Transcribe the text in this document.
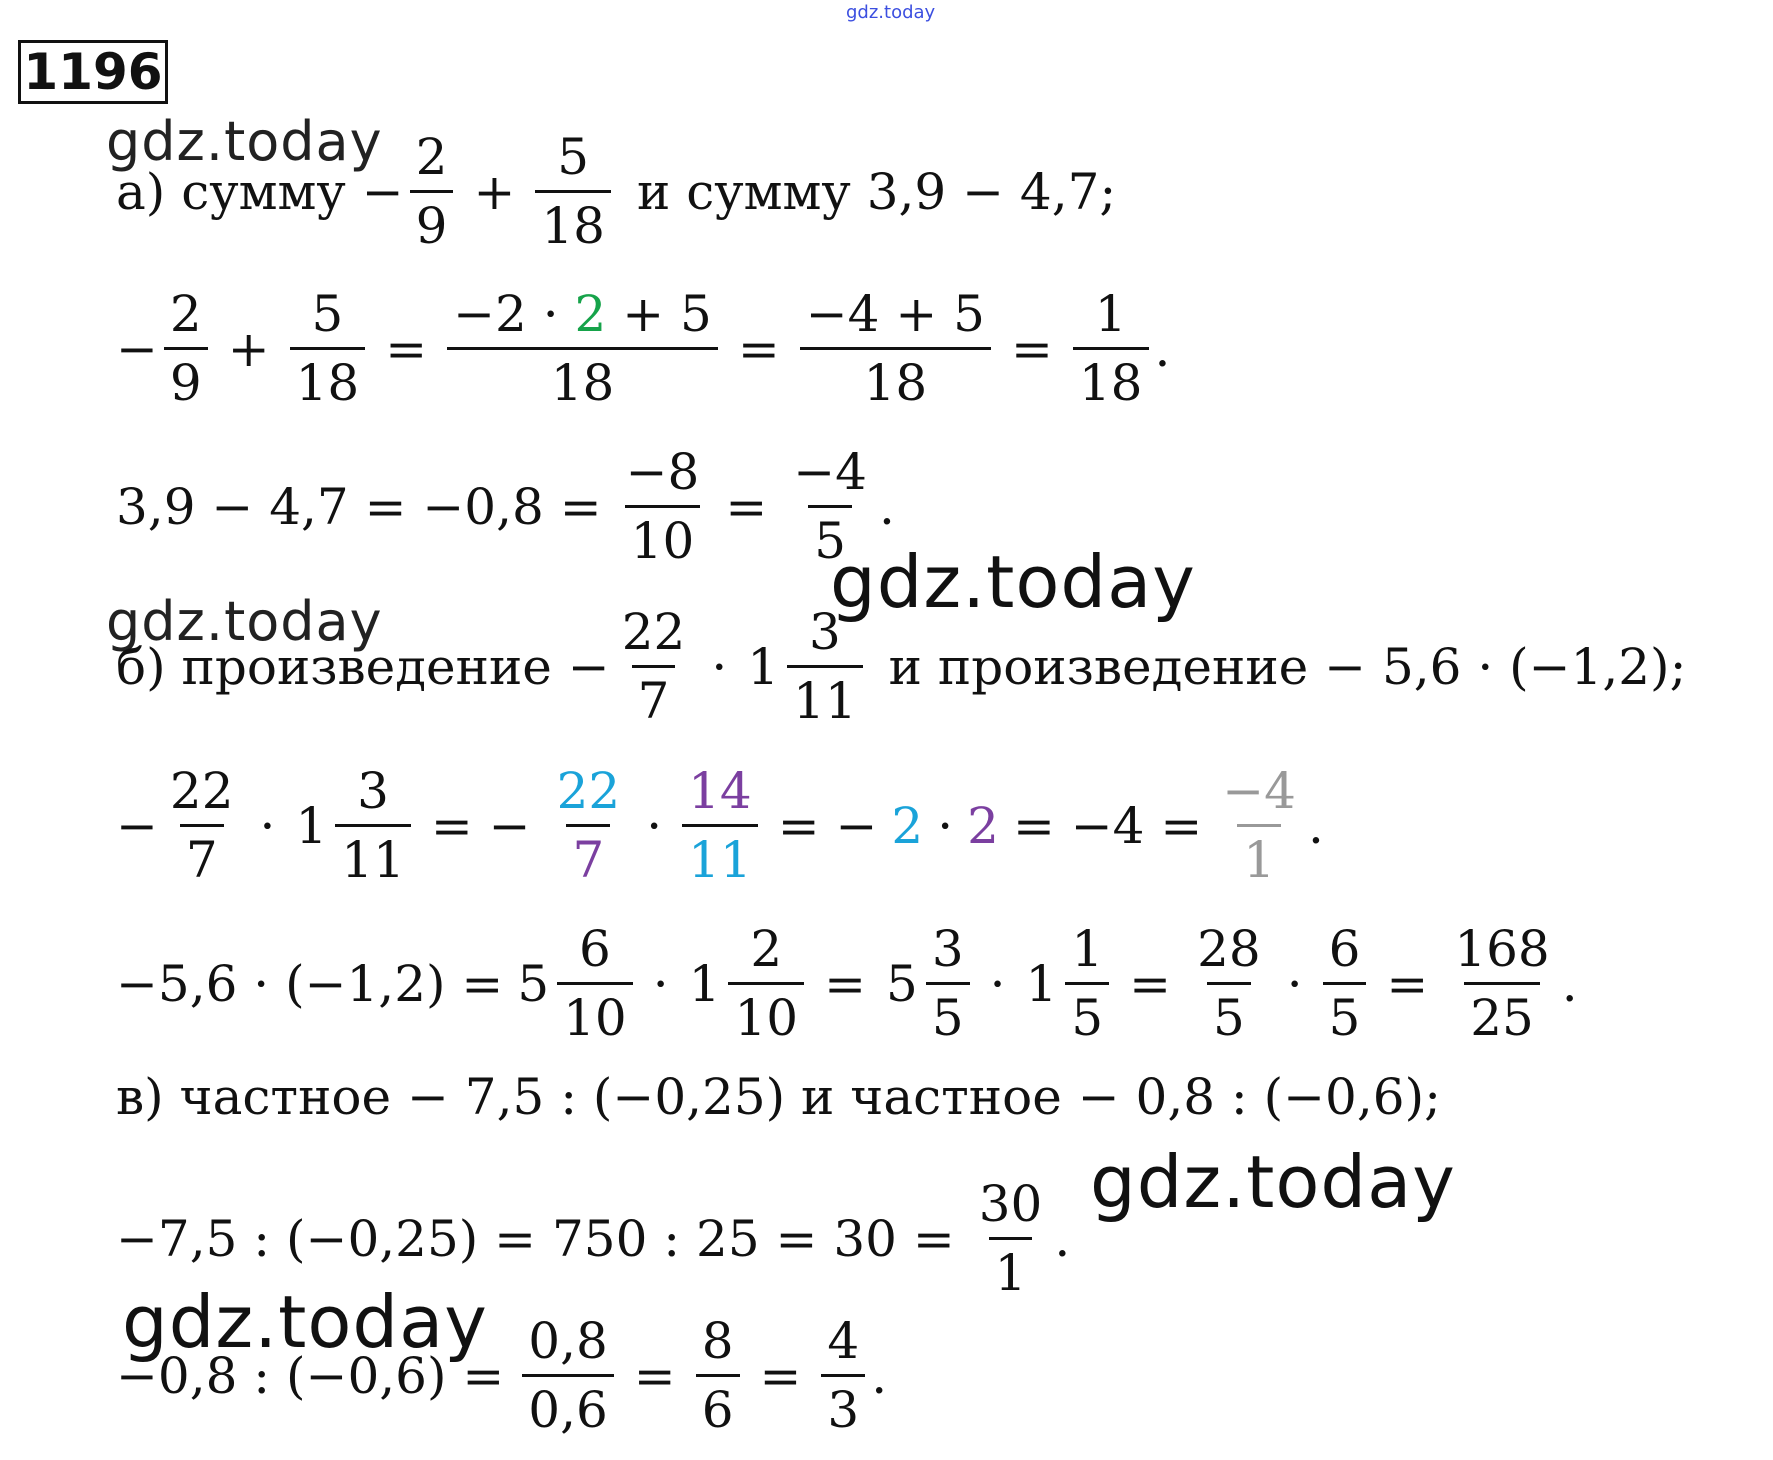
gdz.today
gdz.today
gdz.today
gdz.today
gdz.today
gdz.today
1196
а) сумму − $\frac{2}{9} + \frac{5}{18}$ и сумму 3,9 − 4,7;
− $\frac{2}{9} + \frac{5}{18} = \frac{-2 \cdot 2 + 5}{18} = \frac{-4 + 5}{18} = \frac{1}{18}$ .
$3,9 - 4,7 = -0,8 = \frac{-8}{10} = \frac{-4}{5}$ .
б) произведение − $\frac{22}{7} \cdot 1 \frac{3}{11}$ и произведение − 5,6 · (−1,2);
− $\frac{22}{7} \cdot 1 \frac{3}{11}$ = − $\frac{22}{7} \cdot \frac{14}{11}$ = − $2 \cdot 2 = -4 = \frac{-4}{1}$ .
$-5,6 \cdot (-1,2) = 5 \frac{6}{10} \cdot 1 \frac{2}{10} = 5 \frac{3}{5} \cdot 1 \frac{1}{5} = \frac{28}{5} \cdot \frac{6}{5} = \frac{168}{25}$ .
в) частное − 7,5 : (−0,25) и частное − 0,8 : (−0,6);
−7,5 : (−0,25) = 750 : $25 = 30 = \frac{30}{1}$ .
−0,8 : $(-0,6) = \frac{0,8}{0,6} = \frac{8}{6} = \frac{4}{3}$ .
